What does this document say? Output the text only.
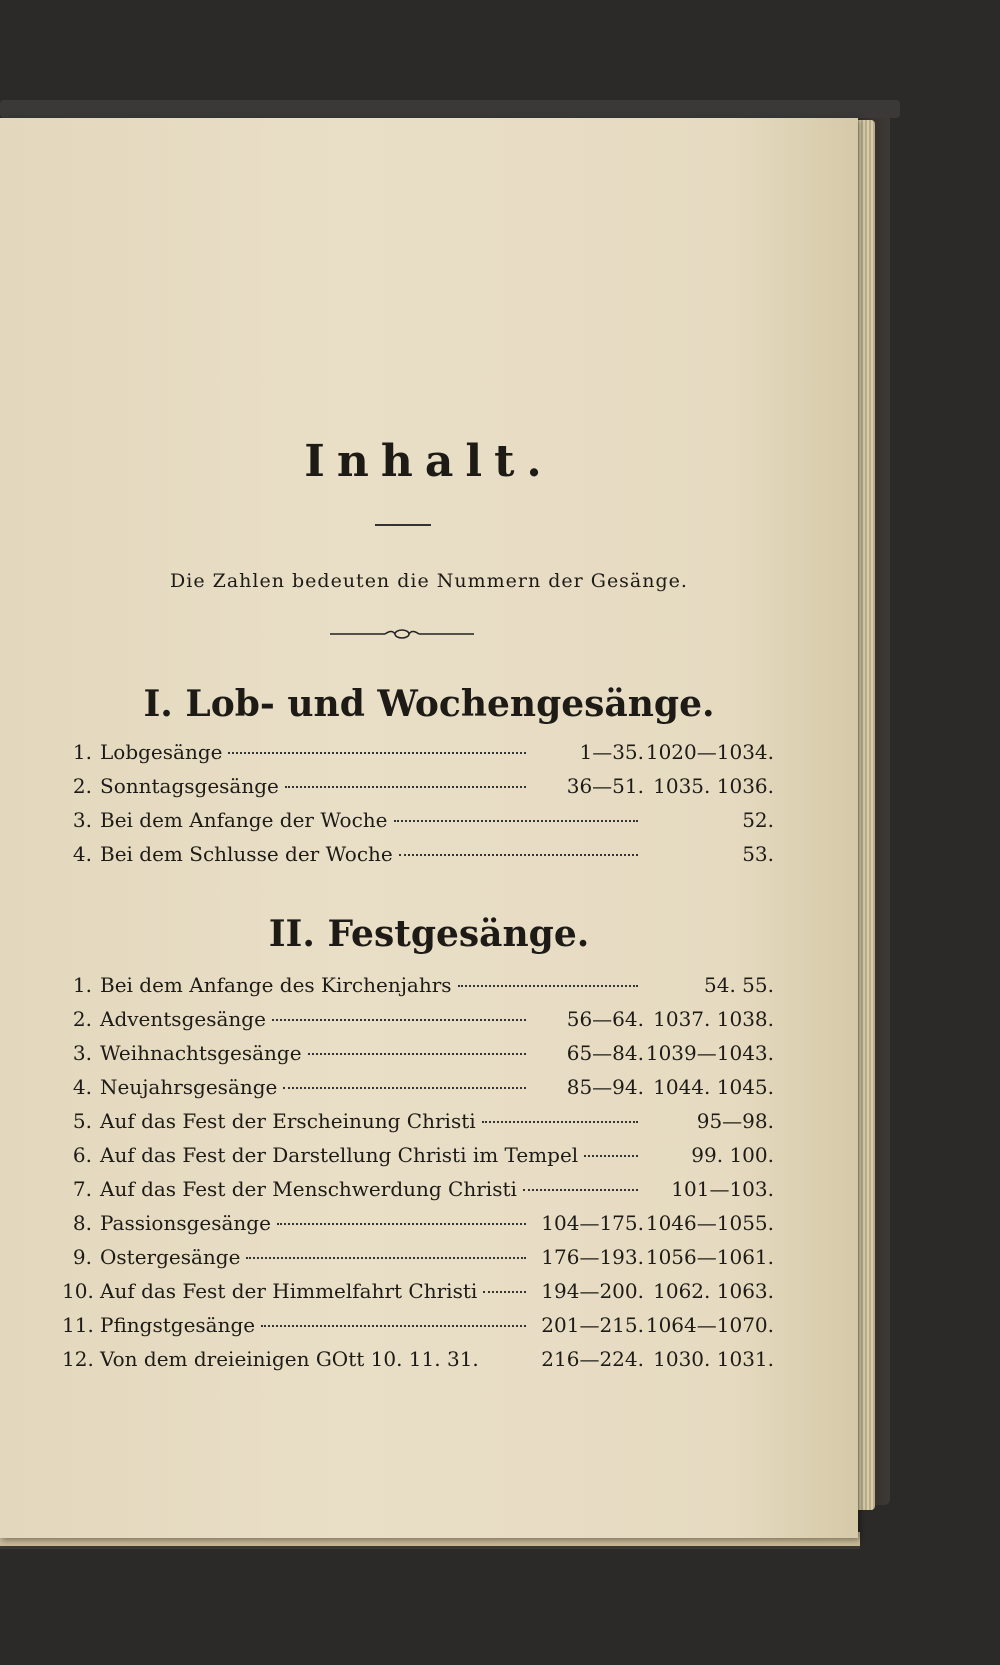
Inhalt.
Die Zahlen bedeuten die Nummern der Gesänge.
I. Lob- und Wochengesänge.
1. Lobgesänge	1—35. 1020—1034.
2. Sonntagsgesänge	36—51. 1035. 1036.
3. Bei dem Anfange der Woche	52.
4. Bei dem Schlusse der Woche	53.
II. Festgesänge.
1. Bei dem Anfange des Kirchenjahrs	54. 55.
2. Adventsgesänge	56—64. 1037. 1038.
3. Weihnachtsgesänge	65—84. 1039—1043.
4. Neujahrsgesänge	85—94. 1044. 1045.
5. Auf das Fest der Erscheinung Christi	95—98.
6. Auf das Fest der Darstellung Christi im Tempel	99. 100.
7. Auf das Fest der Menschwerdung Christi	101—103.
8. Passionsgesänge	104—175. 1046—1055.
9. Ostergesänge	176—193. 1056—1061.
10. Auf das Fest der Himmelfahrt Christi	194—200. 1062. 1063.
11. Pfingstgesänge	201—215. 1064—1070.
12. Von dem dreieinigen GOtt 10. 11. 31.	216—224. 1030. 1031.
